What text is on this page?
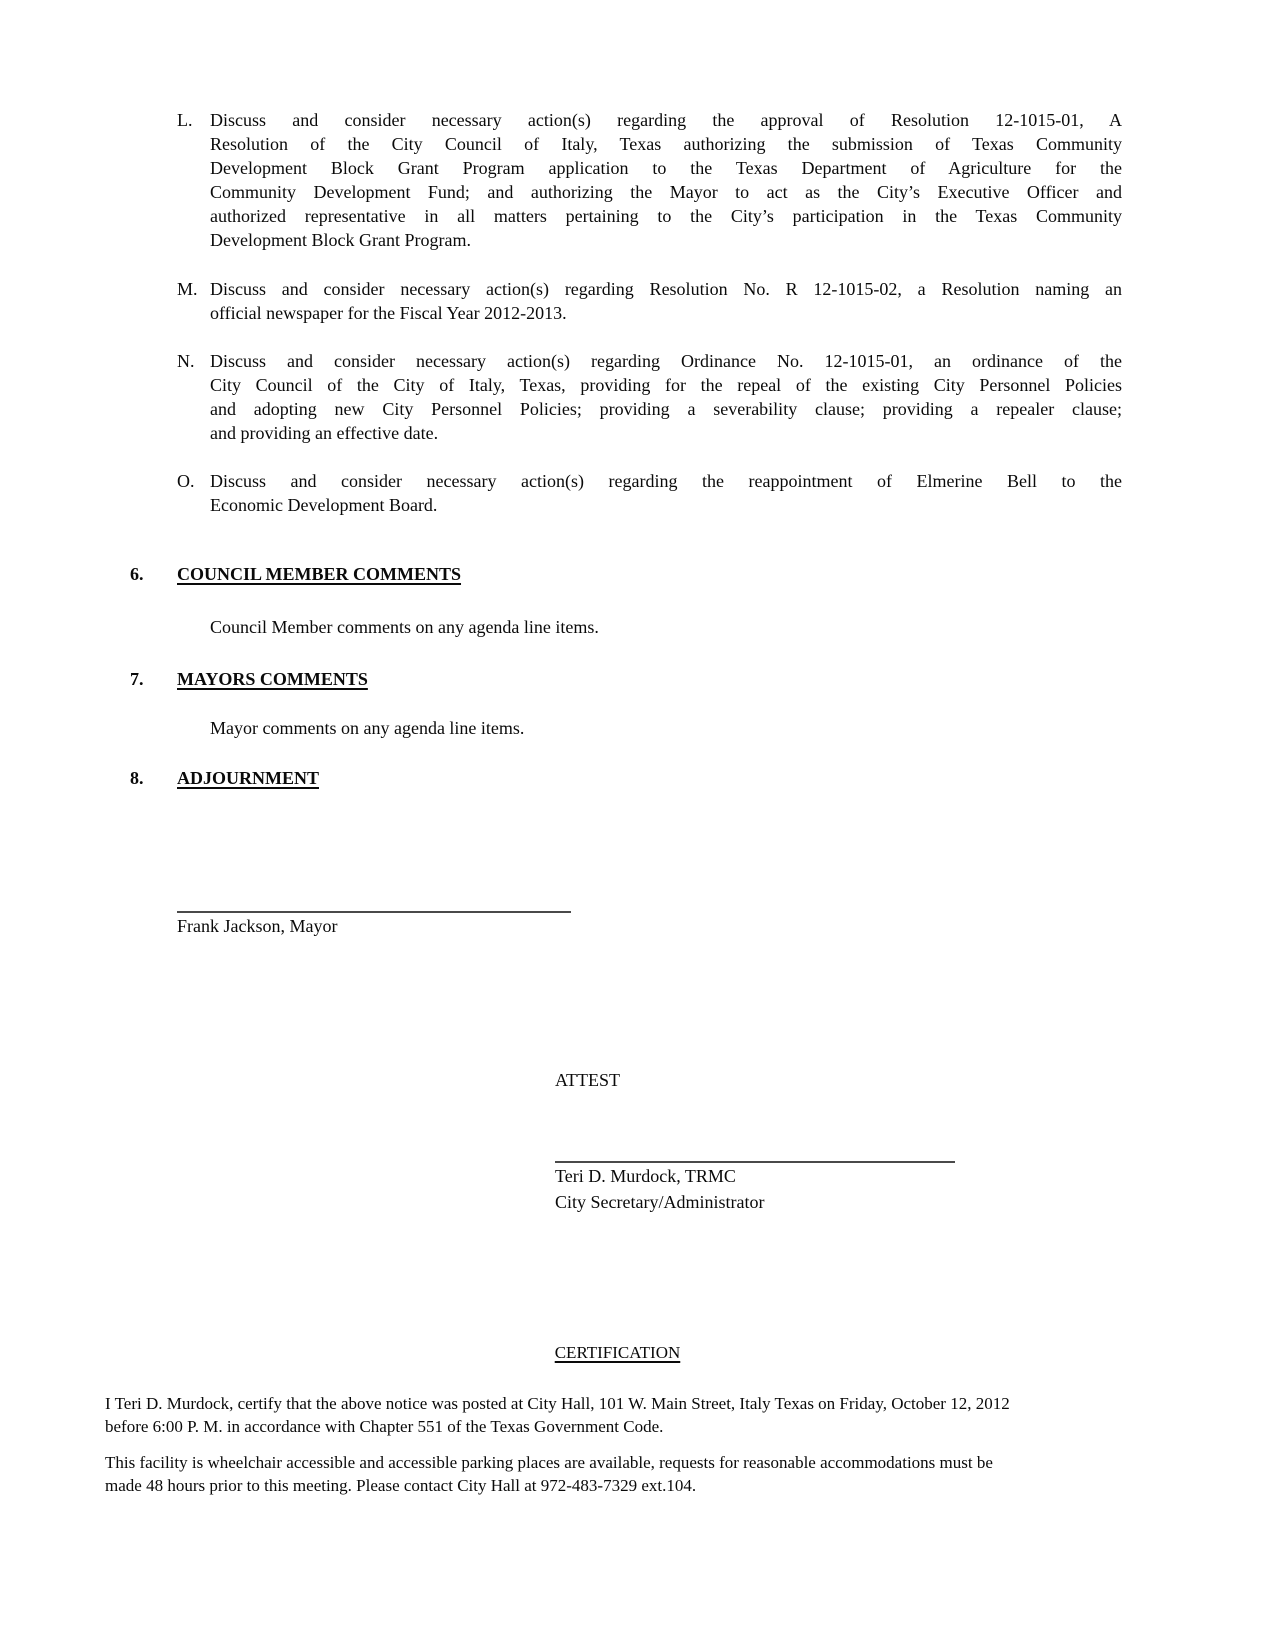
L. Discuss and consider necessary action(s) regarding the approval of Resolution 12-1015-01, A
Resolution of the City Council of Italy, Texas authorizing the submission of Texas Community
Development Block Grant Program application to the Texas Department of Agriculture for the
Community Development Fund; and authorizing the Mayor to act as the City’s Executive Officer and
authorized representative in all matters pertaining to the City’s participation in the Texas Community
Development Block Grant Program.
M. Discuss and consider necessary action(s) regarding Resolution No. R 12-1015-02, a Resolution naming an
official newspaper for the Fiscal Year 2012-2013.
N. Discuss and consider necessary action(s) regarding Ordinance No. 12-1015-01, an ordinance of the
City Council of the City of Italy, Texas, providing for the repeal of the existing City Personnel Policies
and adopting new City Personnel Policies; providing a severability clause; providing a repealer clause;
and providing an effective date.
O. Discuss and consider necessary action(s) regarding the reappointment of Elmerine Bell to the
Economic Development Board.
6. COUNCIL MEMBER COMMENTS
Council Member comments on any agenda line items.
7. MAYORS COMMENTS
Mayor comments on any agenda line items.
8. ADJOURNMENT
Frank Jackson, Mayor
ATTEST
Teri D. Murdock, TRMC
City Secretary/Administrator
CERTIFICATION
I Teri D. Murdock, certify that the above notice was posted at City Hall, 101 W. Main Street, Italy Texas on Friday, October 12, 2012
before 6:00 P. M. in accordance with Chapter 551 of the Texas Government Code.
This facility is wheelchair accessible and accessible parking places are available, requests for reasonable accommodations must be
made 48 hours prior to this meeting. Please contact City Hall at 972-483-7329 ext.104.
